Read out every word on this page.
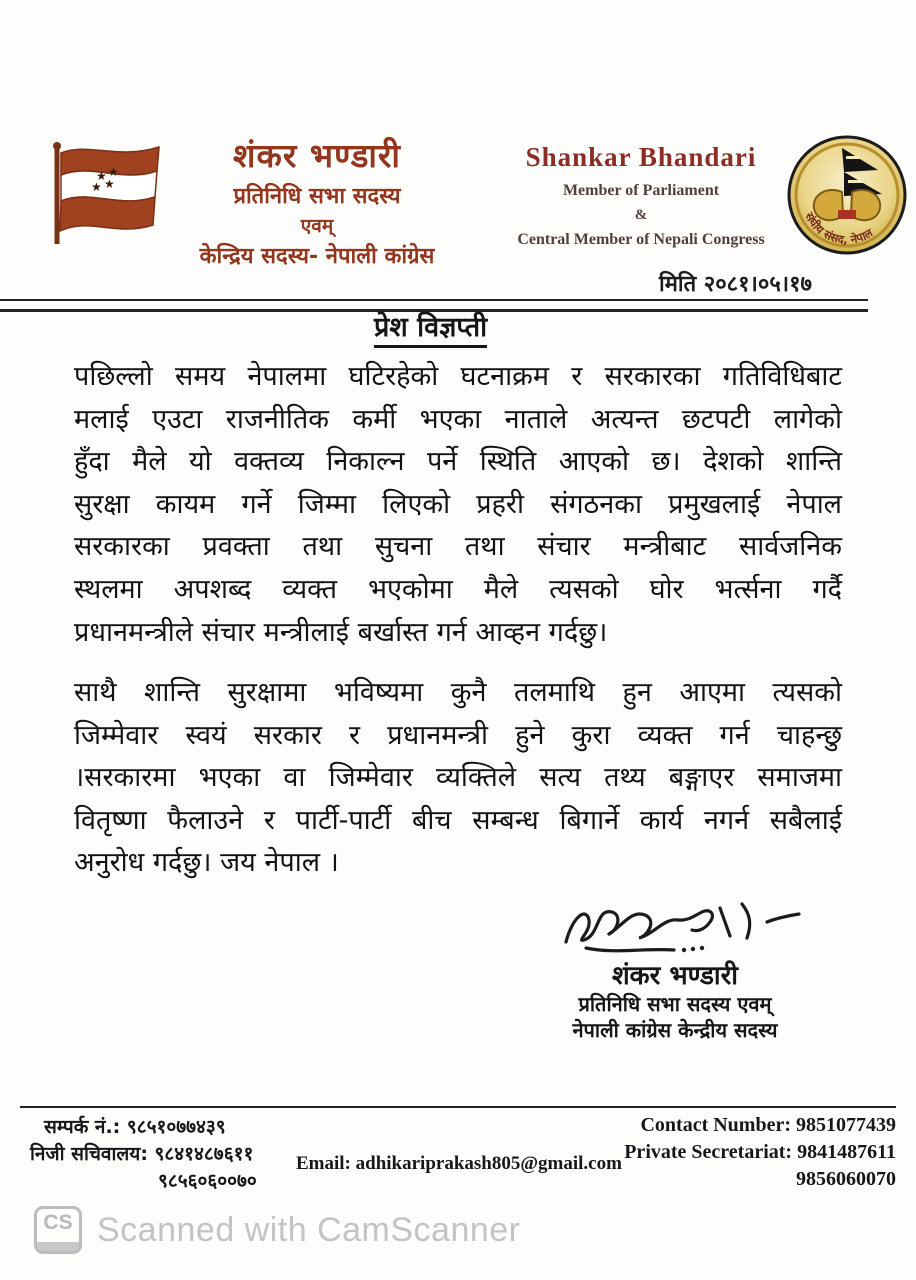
★ ★
★ ★
शंकर भण्डारी
प्रतिनिधि सभा सदस्य
एवम्
केन्द्रिय सदस्य- नेपाली कांग्रेस
Shankar Bhandari
Member of Parliament
&
Central Member of Nepali Congress
संघीय संसद, नेपाल
मिति २०८१।०५।१७
प्रेश विज्ञप्ती
पछिल्लो समय नेपालमा घटिरहेको घटनाक्रम र सरकारका गतिविधिबाट
मलाई एउटा राजनीतिक कर्मी भएका नाताले अत्यन्त छटपटी लागेको
हुँदा मैले यो वक्तव्य निकाल्न पर्ने स्थिति आएको छ। देशको शान्ति
सुरक्षा कायम गर्ने जिम्मा लिएको प्रहरी संगठनका प्रमुखलाई नेपाल
सरकारका प्रवक्ता तथा सुचना तथा संचार मन्त्रीबाट सार्वजनिक
स्थलमा अपशब्द व्यक्त भएकोमा मैले त्यसको घोर भर्त्सना गर्दै
प्रधानमन्त्रीले संचार मन्त्रीलाई बर्खास्त गर्न आव्हन गर्दछु।
साथै शान्ति सुरक्षामा भविष्यमा कुनै तलमाथि हुन आएमा त्यसको
जिम्मेवार स्वयं सरकार र प्रधानमन्त्री हुने कुरा व्यक्त गर्न चाहन्छु
।सरकारमा भएका वा जिम्मेवार व्यक्तिले सत्य तथ्य बङ्गाएर समाजमा
वितृष्णा फैलाउने र पार्टी-पार्टी बीच सम्बन्ध बिगार्ने कार्य नगर्न सबैलाई
अनुरोध गर्दछु। जय नेपाल ।
शंकर भण्डारी
प्रतिनिधि सभा सदस्य एवम्
नेपाली कांग्रेस केन्द्रीय सदस्य
सम्पर्क नं.: ९८५१०७७४३९
निजी सचिवालय: ९८४१४८७६११
९८५६०६००७०
Email: adhikariprakash805@gmail.com
Contact Number: 9851077439
Private Secretariat: 9841487611
9856060070
CS Scanned with CamScanner
